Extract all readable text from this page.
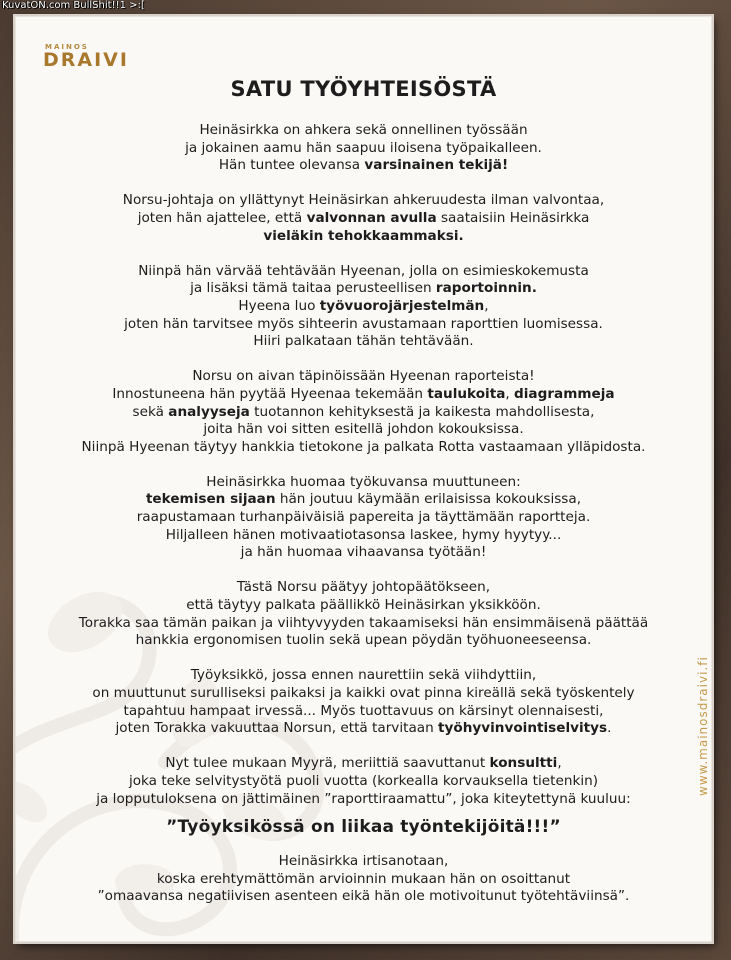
KuvatON.com BullShit!!1 >:[
MAINOS
DRAIVI
www.mainosdraivi.fi
SATU TYÖYHTEISÖSTÄ
Heinäsirkka on ahkera sekä onnellinen työssään
ja jokainen aamu hän saapuu iloisena työpaikalleen.
Hän tuntee olevansa varsinainen tekijä!
Norsu-johtaja on yllättynyt Heinäsirkan ahkeruudesta ilman valvontaa,
joten hän ajattelee, että valvonnan avulla saataisiin Heinäsirkka
vieläkin tehokkaammaksi.
Niinpä hän värvää tehtävään Hyeenan, jolla on esimieskokemusta
ja lisäksi tämä taitaa perusteellisen raportoinnin.
Hyeena luo työvuorojärjestelmän,
joten hän tarvitsee myös sihteerin avustamaan raporttien luomisessa.
Hiiri palkataan tähän tehtävään.
Norsu on aivan täpinöissään Hyeenan raporteista!
Innostuneena hän pyytää Hyeenaa tekemään taulukoita, diagrammeja
sekä analyyseja tuotannon kehityksestä ja kaikesta mahdollisesta,
joita hän voi sitten esitellä johdon kokouksissa.
Niinpä Hyeenan täytyy hankkia tietokone ja palkata Rotta vastaamaan ylläpidosta.
Heinäsirkka huomaa työkuvansa muuttuneen:
tekemisen sijaan hän joutuu käymään erilaisissa kokouksissa,
raapustamaan turhanpäiväisiä papereita ja täyttämään raportteja.
Hiljalleen hänen motivaatiotasonsa laskee, hymy hyytyy...
ja hän huomaa vihaavansa työtään!
Tästä Norsu päätyy johtopäätökseen,
että täytyy palkata päällikkö Heinäsirkan yksikköön.
Torakka saa tämän paikan ja viihtyvyyden takaamiseksi hän ensimmäisenä päättää
hankkia ergonomisen tuolin sekä upean pöydän työhuoneeseensa.
Työyksikkö, jossa ennen naurettiin sekä viihdyttiin,
on muuttunut surulliseksi paikaksi ja kaikki ovat pinna kireällä sekä työskentely
tapahtuu hampaat irvessä... Myös tuottavuus on kärsinyt olennaisesti,
joten Torakka vakuuttaa Norsun, että tarvitaan työhyvinvointiselvitys.
Nyt tulee mukaan Myyrä, meriittiä saavuttanut konsultti,
joka teke selvitystyötä puoli vuotta (korkealla korvauksella tietenkin)
ja lopputuloksena on jättimäinen ”raporttiraamattu”, joka kiteytettynä kuuluu:
”Työyksikössä on liikaa työntekijöitä!!!”
Heinäsirkka irtisanotaan,
koska erehtymättömän arvioinnin mukaan hän on osoittanut
”omaavansa negatiivisen asenteen eikä hän ole motivoitunut työtehtäviinsä”.
